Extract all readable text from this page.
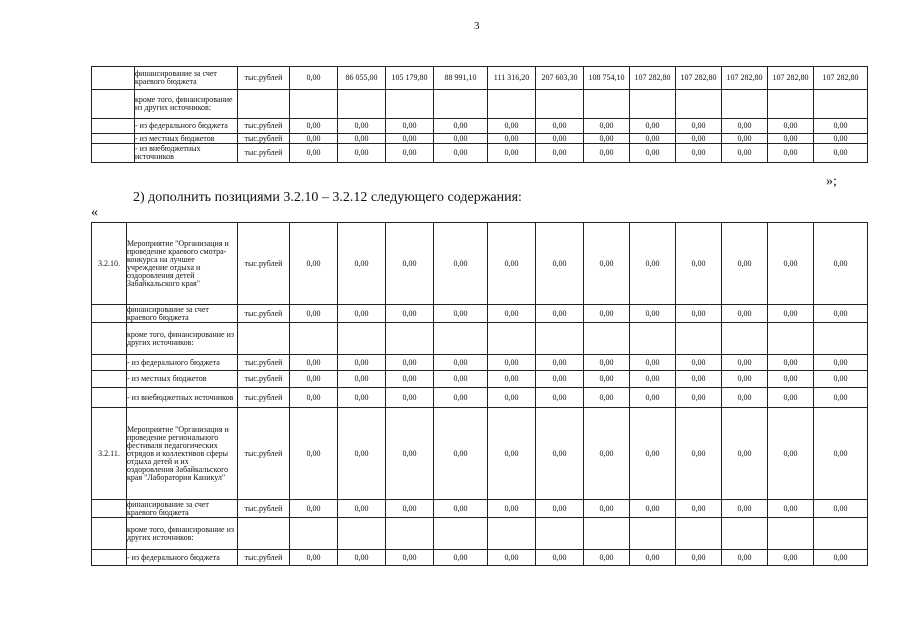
3
	финансирование за счет краевого бюджета	тыс.рублей	0,00	86 055,00	105 179,80	88 991,10	111 316,20	207 603,30	108 754,10	107 282,80	107 282,80	107 282,80	107 282,80	107 282,80
	кроме того, финансирование из других источников:													
	- из федерального бюджета	тыс.рублей	0,00	0,00	0,00	0,00	0,00	0,00	0,00	0,00	0,00	0,00	0,00	0,00
	- из местных бюджетов	тыс.рублей	0,00	0,00	0,00	0,00	0,00	0,00	0,00	0,00	0,00	0,00	0,00	0,00
	- из внебюджетных источников	тыс.рублей	0,00	0,00	0,00	0,00	0,00	0,00	0,00	0,00	0,00	0,00	0,00	0,00
»;
2) дополнить позициями 3.2.10 – 3.2.12 следующего содержания:
«
3.2.10.	Мероприятие "Организация и проведение краевого смотра-конкурса на лучшее учреждение отдыха и оздоровления детей Забайкальского края"	тыс.рублей	0,00	0,00	0,00	0,00	0,00	0,00	0,00	0,00	0,00	0,00	0,00	0,00
	финансирование за счет краевого бюджета	тыс.рублей	0,00	0,00	0,00	0,00	0,00	0,00	0,00	0,00	0,00	0,00	0,00	0,00
	кроме того, финансирование из других источников:													
	- из федерального бюджета	тыс.рублей	0,00	0,00	0,00	0,00	0,00	0,00	0,00	0,00	0,00	0,00	0,00	0,00
	- из местных бюджетов	тыс.рублей	0,00	0,00	0,00	0,00	0,00	0,00	0,00	0,00	0,00	0,00	0,00	0,00
	- из внебюджетных источников	тыс.рублей	0,00	0,00	0,00	0,00	0,00	0,00	0,00	0,00	0,00	0,00	0,00	0,00
3.2.11.	Мероприятие "Организация и проведение регионального фестиваля педагогических отрядов и коллективов сферы отдыха детей и их оздоровления Забайкальского края "Лаборатория Каникул"	тыс.рублей	0,00	0,00	0,00	0,00	0,00	0,00	0,00	0,00	0,00	0,00	0,00	0,00
	финансирование за счет краевого бюджета	тыс.рублей	0,00	0,00	0,00	0,00	0,00	0,00	0,00	0,00	0,00	0,00	0,00	0,00
	кроме того, финансирование из других источников:													
	- из федерального бюджета	тыс.рублей	0,00	0,00	0,00	0,00	0,00	0,00	0,00	0,00	0,00	0,00	0,00	0,00
